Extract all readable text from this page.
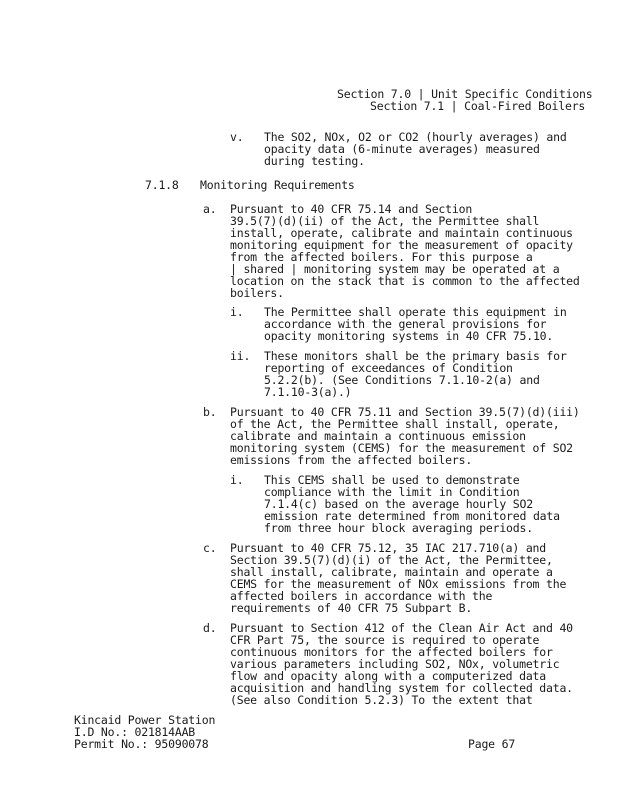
Section 7.0 | Unit Specific Conditions
Section 7.1 | Coal-Fired Boilers
v. The SO2, NOx, O2 or CO2 (hourly averages) and
opacity data (6-minute averages) measured
during testing.
7.1.8 Monitoring Requirements
a. Pursuant to 40 CFR 75.14 and Section
39.5(7)(d)(ii) of the Act, the Permittee shall
install, operate, calibrate and maintain continuous
monitoring equipment for the measurement of opacity
from the affected boilers. For this purpose a
| shared | monitoring system may be operated at a
location on the stack that is common to the affected
boilers.
i. The Permittee shall operate this equipment in
accordance with the general provisions for
opacity monitoring systems in 40 CFR 75.10.
ii. These monitors shall be the primary basis for
reporting of exceedances of Condition
5.2.2(b). (See Conditions 7.1.10-2(a) and
7.1.10-3(a).)
b. Pursuant to 40 CFR 75.11 and Section 39.5(7)(d)(iii)
of the Act, the Permittee shall install, operate,
calibrate and maintain a continuous emission
monitoring system (CEMS) for the measurement of SO2
emissions from the affected boilers.
i. This CEMS shall be used to demonstrate
compliance with the limit in Condition
7.1.4(c) based on the average hourly SO2
emission rate determined from monitored data
from three hour block averaging periods.
c. Pursuant to 40 CFR 75.12, 35 IAC 217.710(a) and
Section 39.5(7)(d)(i) of the Act, the Permittee,
shall install, calibrate, maintain and operate a
CEMS for the measurement of NOx emissions from the
affected boilers in accordance with the
requirements of 40 CFR 75 Subpart B.
d. Pursuant to Section 412 of the Clean Air Act and 40
CFR Part 75, the source is required to operate
continuous monitors for the affected boilers for
various parameters including SO2, NOx, volumetric
flow and opacity along with a computerized data
acquisition and handling system for collected data.
(See also Condition 5.2.3) To the extent that
Kincaid Power Station
I.D No.: 021814AAB
Permit No.: 95090078	Page 67
